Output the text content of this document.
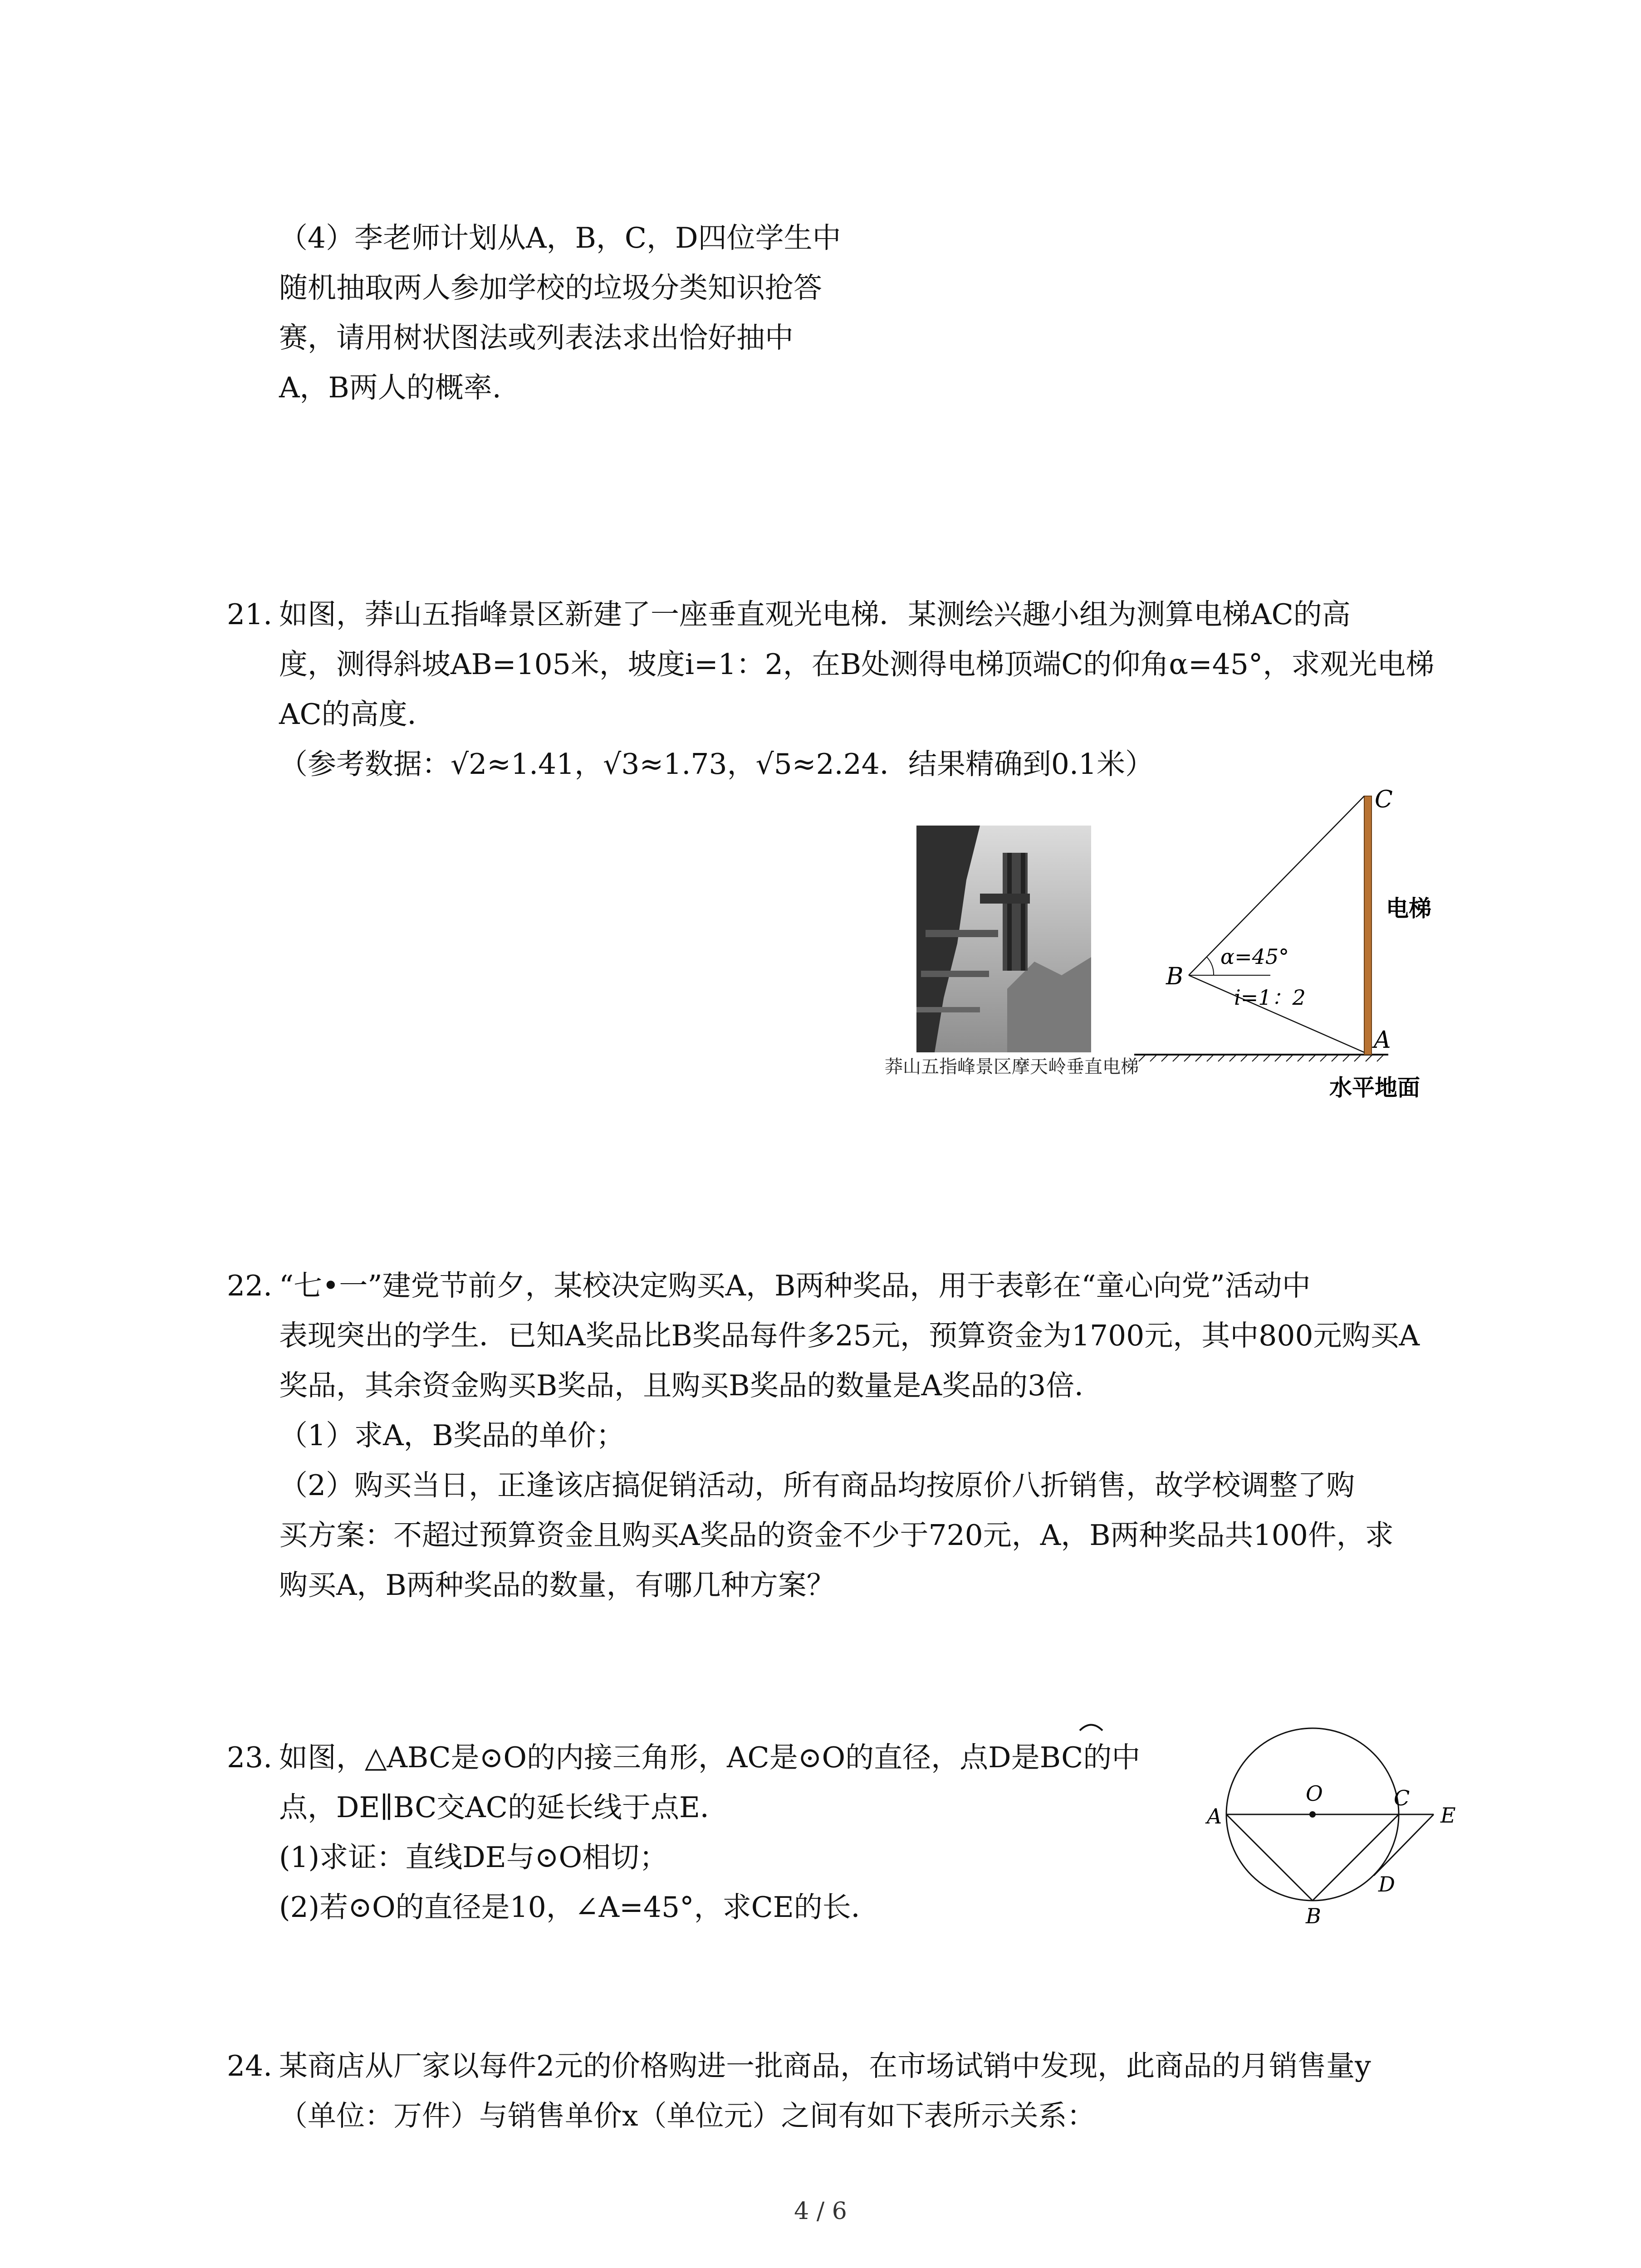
（4）李老师计划从A，B，C，D四位学生中
随机抽取两人参加学校的垃圾分类知识抢答
赛，请用树状图法或列表法求出恰好抽中
A，B两人的概率.
21. 如图，莽山五指峰景区新建了一座垂直观光电梯．某测绘兴趣小组为测算电梯AC的高
度，测得斜坡AB=105米，坡度i=1：2，在B处测得电梯顶端C的仰角α=45°，求观光电梯
AC的高度．
（参考数据：√2≈1.41，√3≈1.73，√5≈2.24．结果精确到0.1米）
莽山五指峰景区摩天岭垂直电梯
C
B
A
电梯
α=45°
i=1：2
水平地面
22. “七•一”建党节前夕，某校决定购买A，B两种奖品，用于表彰在“童心向党”活动中
表现突出的学生．已知A奖品比B奖品每件多25元，预算资金为1700元，其中800元购买A
奖品，其余资金购买B奖品，且购买B奖品的数量是A奖品的3倍．
（1）求A，B奖品的单价；
（2）购买当日，正逢该店搞促销活动，所有商品均按原价八折销售，故学校调整了购
买方案：不超过预算资金且购买A奖品的资金不少于720元，A，B两种奖品共100件，求
购买A，B两种奖品的数量，有哪几种方案？
23. 如图，△ABC是⊙O的内接三角形，AC是⊙O的直径，点D是BC的中
点，DE∥BC交AC的延长线于点E．
(1)求证：直线DE与⊙O相切；
(2)若⊙O的直径是10，∠A=45°，求CE的长．
A
O	C
E
D
B
24. 某商店从厂家以每件2元的价格购进一批商品，在市场试销中发现，此商品的月销售量y
（单位：万件）与销售单价x（单位元）之间有如下表所示关系：
4 / 6
